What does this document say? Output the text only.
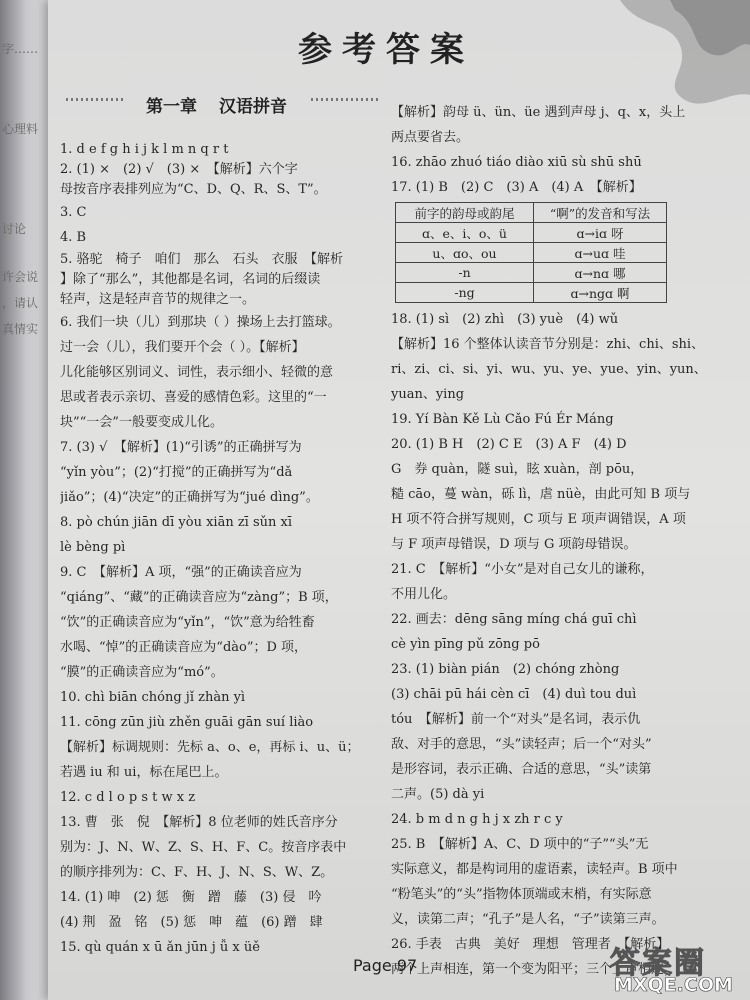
字……
心理料
讨论
许会说
，请认
真情实
参考答案
第一章 汉语拼音
1. d e f g h i j k l m n q r t
2. (1) ×　(2) √　(3) ×　【解析】六个字
母按音序表排列应为“C、D、Q、R、S、T”。
3. C
4. B
5. 骆驼　椅子　咱们　那么　石头　衣服　【解析
】除了“那么”，其他都是名词，名词的后缀读
轻声，这是轻声音节的规律之一。
6. 我们一块（儿）到那块（ ）操场上去打篮球。
过一会（儿），我们要开个会（ ）。【解析】
儿化能够区别词义、词性，表示细小、轻微的意
思或者表示亲切、喜爱的感情色彩。这里的“一
块”“一会”一般要变成儿化。
7. (3) √　【解析】(1)“引诱”的正确拼写为
“yǐn yòu”；(2)“打搅”的正确拼写为“dǎ
jiǎo”；(4)“决定”的正确拼写为“jué dìng”。
8. pò chún jiān dī yòu xiān zī sǔn xī
lè bèng pì
9. C　【解析】A 项，“强”的正确读音应为
“qiáng”、“藏”的正确读音应为“zàng”；B 项，
“饮”的正确读音应为“yǐn”，“饮”意为给牲畜
水喝、“悼”的正确读音应为“dào”；D 项，
“膜”的正确读音应为“mó”。
10. chì biān chóng jǐ zhàn yì
11. cōng zūn jiù zhěn guāi gān suí liào
【解析】标调规则：先标 a、o、e，再标 i、u、ü；
若遇 iu 和 ui，标在尾巴上。
12. c d l o p s t w x z
13. 曹　张　倪　【解析】8 位老师的姓氏音序分
别为：J、N、W、Z、S、H、F、C。按音序表中
的顺序排列为：C、F、H、J、N、S、W、Z。
14. (1) 呻　(2) 惩　衡　蹭　藤　(3) 侵　吟
(4) 荆　盈　铭　(5) 惩　呻　蕴　(6) 蹭　肆
15. qù quán x ū ǎn jūn j ǚ x üě
【解析】韵母 ü、ün、üe 遇到声母 j、q、x，头上
两点要省去。
16. zhāo zhuó tiáo diào xiū sù shū shū
17. (1) B　(2) C　(3) A　(4) A　【解析】
前字的韵母或韵尾	“啊”的发音和写法
ɑ、e、i、o、ü	ɑ→iɑ 呀
u、ɑo、ou	ɑ→uɑ 哇
-n	ɑ→nɑ 哪
-ng	ɑ→ngɑ 啊
18. (1) sì　(2) zhì　(3) yuè　(4) wǔ
【解析】16 个整体认读音节分别是：zhi、chi、shi、
ri、zi、ci、si、yi、wu、yu、ye、yue、yin、yun、
yuan、ying
19. Yí Bàn Kě Lù Cǎo Fú Ér Máng
20. (1) B H　(2) C E　(3) A F　(4) D
G　券 quàn，隧 suì，眩 xuàn，剖 pōu，
糙 cāo，蔓 wàn，砾 lì，虐 nüè，由此可知 B 项与
H 项不符合拼写规则，C 项与 E 项声调错误，A 项
与 F 项声母错误，D 项与 G 项韵母错误。
21. C　【解析】“小女”是对自己女儿的谦称，
不用儿化。
22. 画去：dēng sāng míng chá guī chì
cè yìn pīng pǔ zōng pō
23. (1) biàn pián　(2) chóng zhòng
(3) chāi pū hái cèn cī　(4) duì tou duì
tóu　【解析】前一个“对头”是名词，表示仇
敌、对手的意思，“头”读轻声；后一个“对头”
是形容词，表示正确、合适的意思，“头”读第
二声。(5) dà yi
24. b m d n g h j x zh r c y
25. B　【解析】A、C、D 项中的“子”“头”无
实际意义，都是构词用的虚语素，读轻声。B 项中
“粉笔头”的“头”指物体顶端或末梢，有实际意
义，读第二声；“孔子”是人名，“子”读第三声。
26. 手表　古典　美好　理想　管理者　【解析】
两个上声相连，第一个变为阳平；三个上声相连，
Page 97	答案圈
MXQE.COM
